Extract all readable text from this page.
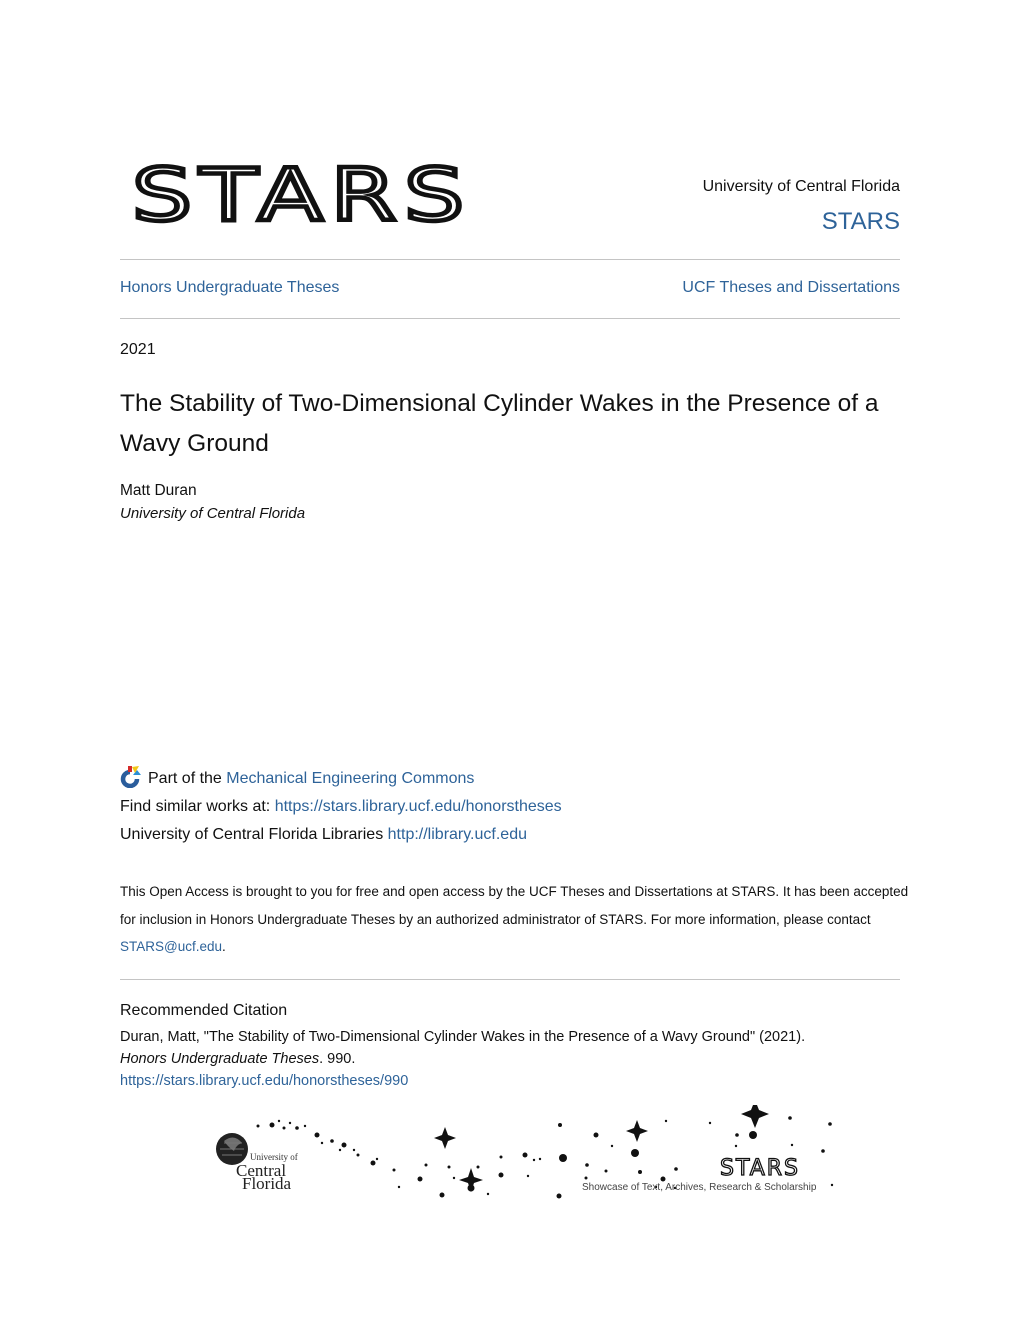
STARS	University of Central Florida
STARS
Honors Undergraduate Theses	UCF Theses and Dissertations
2021
The Stability of Two-Dimensional Cylinder Wakes in the Presence of a Wavy Ground
Matt Duran
University of Central Florida
Part of the
Mechanical Engineering Commons
Find similar works at:
https://stars.library.ucf.edu/honorstheses
University of Central Florida Libraries
http://library.ucf.edu
This Open Access is brought to you for free and open access by the UCF Theses and Dissertations at STARS. It has been accepted for inclusion in Honors Undergraduate Theses by an authorized administrator of STARS. For more information, please contact STARS@ucf.edu.
Recommended Citation
Duran, Matt, "The Stability of Two-Dimensional Cylinder Wakes in the Presence of a Wavy Ground" (2021).
Honors Undergraduate Theses. 990.
https://stars.library.ucf.edu/honorstheses/990
University of
Central
Florida
STARS
Showcase of Text, Archives, Research & Scholarship
